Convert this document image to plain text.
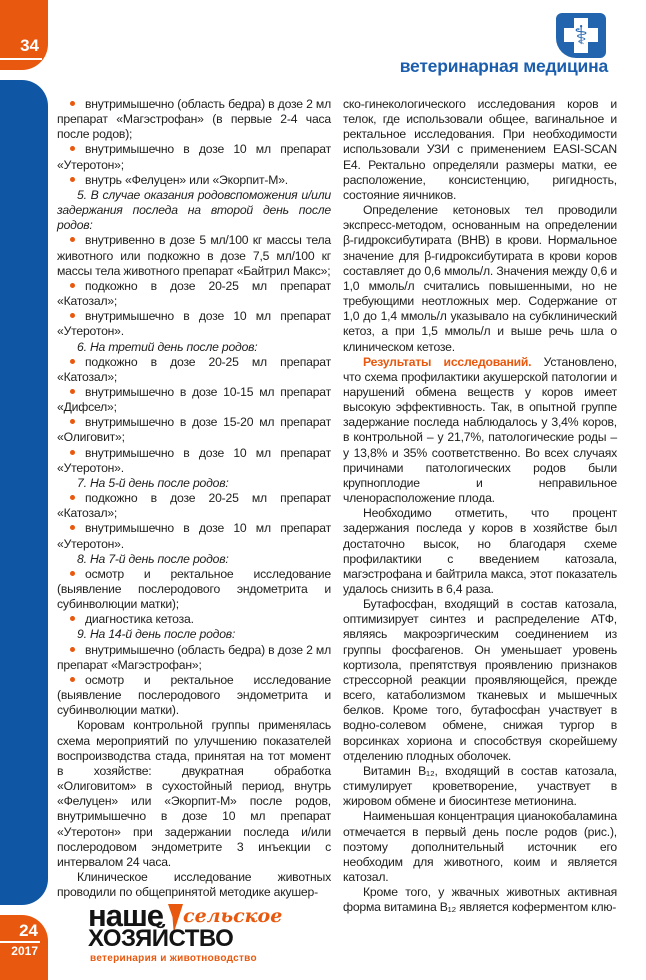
34
24
2017
⚕
ветеринарная медицина

внутримышечно (область бедра) в дозе 2 мл препарат «Магэстрофан» (в первые 2-4 часа после родов);

внутримышечно в дозе 10 мл препарат «Утеротон»;

внутрь «Фелуцен» или «Экорпит-М».

5. В случае оказания родовспоможения и/или задержания последа на второй день после родов:

внутривенно в дозе 5 мл/100 кг массы тела животного или подкожно в дозе 7,5 мл/100 кг массы тела животного препарат «Байтрил Макс»;

подкожно в дозе 20-25 мл препарат «Катозал»;

внутримышечно в дозе 10 мл препарат «Утеротон».

6. На третий день после родов:

подкожно в дозе 20-25 мл препарат «Катозал»;

внутримышечно в дозе 10-15 мл препарат «Дифсел»;

внутримышечно в дозе 15-20 мл препарат «Олиговит»;

внутримышечно в дозе 10 мл препарат «Утеротон».

7. На 5-й день после родов:

подкожно в дозе 20-25 мл препарат «Катозал»;

внутримышечно в дозе 10 мл препарат «Утеротон».

8. На 7-й день после родов:

осмотр и ректальное исследование (выявление послеродового эндометрита и субинволюции матки);

диагностика кетоза.

9. На 14-й день после родов:

внутримышечно (область бедра) в дозе 2 мл препарат «Магэстрофан»;

осмотр и ректальное исследование (выявление послеродового эндометрита и субинволюции матки).

Коровам контрольной группы применялась схема мероприятий по улучшению показателей воспроизводства стада, принятая на тот момент в хозяйстве: двукратная обработка «Олиговитом» в сухостойный период, внутрь «Фелуцен» или «Экорпит-М» после родов, внутримышечно в дозе 10 мл препарат «Утеротон» при задержании последа и/или послеродовом эндометрите 3 инъекции с интервалом 24 часа.

Клиническое исследование животных проводили по общепринятой методике акушер-

ско-гинекологического исследования коров и телок, где использовали общее, вагинальное и ректальное исследования. При необходимости использовали УЗИ с применением EASI-SCAN E4. Ректально определяли размеры матки, ее расположение, консистенцию, ригидность, состояние яичников.

Определение кетоновых тел проводили экспресс-методом, основанным на определении β-гидроксибутирата (ВНВ) в крови. Нормальное значение для β-гидроксибутирата в крови коров составляет до 0,6 ммоль/л. Значения между 0,6 и 1,0 ммоль/л считались повышенными, но не требующими неотложных мер. Содержание от 1,0 до 1,4 ммоль/л указывало на субклинический кетоз, а при 1,5 ммоль/л и выше речь шла о клиническом кетозе.

Результаты исследований. Установлено, что схема профилактики акушерской патологии и нарушений обмена веществ у коров имеет высокую эффективность. Так, в опытной группе задержание последа наблюдалось у 3,4% коров, в контрольной – у 21,7%, патологические роды – у 13,8% и 35% соответственно. Во всех случаях причинами патологических родов были крупноплодие и неправильное членорасположение плода.

Необходимо отметить, что процент задержания последа у коров в хозяйстве был достаточно высок, но благодаря схеме профилактики с введением катозала, магэстрофана и байтрила макса, этот показатель удалось снизить в 6,4 раза.

Бутафосфан, входящий в состав катозала, оптимизирует синтез и распределение АТФ, являясь макроэргическим соединением из группы фосфагенов. Он уменьшает уровень кортизола, препятствуя проявлению признаков стрессорной реакции проявляющейся, прежде всего, катаболизмом тканевых и мышечных белков. Кроме того, бутафосфан участвует в водно-солевом обмене, снижая тургор в ворсинках хориона и способствуя скорейшему отделению плодных оболочек.

Витамин В₁₂, входящий в состав катозала, стимулирует кроветворение, участвует в жировом обмене и биосинтезе метионина.

Наименьшая концентрация цианокобаламина отмечается в первый день после родов (рис.), поэтому дополнительный источник его необходим для животного, коим и является катозал.

Кроме того, у жвачных животных активная форма витамина В₁₂ является коферментом клю-

наше сельское
ХОЗЯЙСТВО
ветеринария и животноводство
